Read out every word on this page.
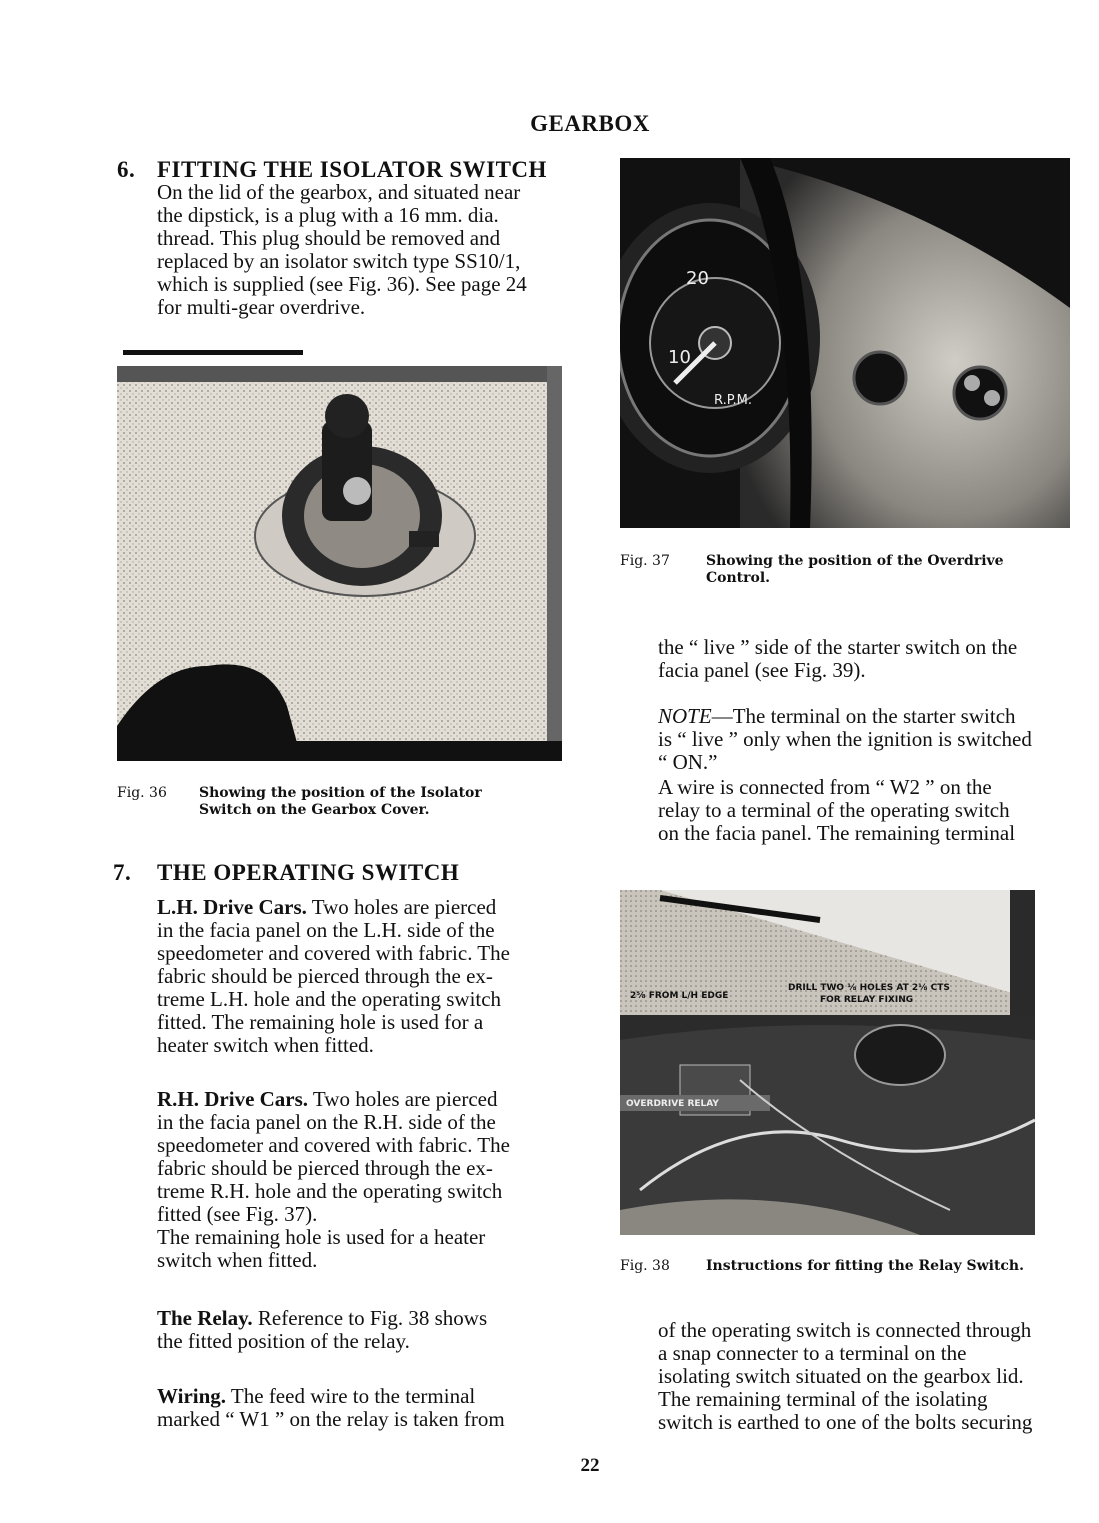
GEARBOX
6. FITTING THE ISOLATOR SWITCH

On the lid of the gearbox, and situated near

the dipstick, is a plug with a 16 mm. dia.

thread. This plug should be removed and

replaced by an isolator switch type SS10/1,

which is supplied (see Fig. 36). See page 24

for multi-gear overdrive.

Fig. 36 Showing the position of the Isolator
Switch on the Gearbox Cover.
7. THE OPERATING SWITCH

L.H. Drive Cars. Two holes are pierced

in the facia panel on the L.H. side of the

speedometer and covered with fabric. The

fabric should be pierced through the ex-

treme L.H. hole and the operating switch

fitted. The remaining hole is used for a

heater switch when fitted.

R.H. Drive Cars. Two holes are pierced

in the facia panel on the R.H. side of the

speedometer and covered with fabric. The

fabric should be pierced through the ex-

treme R.H. hole and the operating switch

fitted (see Fig. 37).

The remaining hole is used for a heater

switch when fitted.

The Relay. Reference to Fig. 38 shows

the fitted position of the relay.

Wiring. The feed wire to the terminal

marked “ W1 ” on the relay is taken from

20
10
R.P.M.
Fig. 37	Showing the position of the Overdrive
Control.

the “ live ” side of the starter switch on the

facia panel (see Fig. 39).

NOTE—The terminal on the starter switch

is “ live ” only when the ignition is switched

“ ON.”

A wire is connected from “ W2 ” on the

relay to a terminal of the operating switch

on the facia panel. The remaining terminal

2⅝ FROM L/H EDGE
DRILL TWO ⅛ HOLES AT 2⅛ CTS
FOR RELAY FIXING
OVERDRIVE RELAY
Fig. 38	Instructions for fitting the Relay Switch.

of the operating switch is connected through

a snap connecter to a terminal on the

isolating switch situated on the gearbox lid.

The remaining terminal of the isolating

switch is earthed to one of the bolts securing

22
